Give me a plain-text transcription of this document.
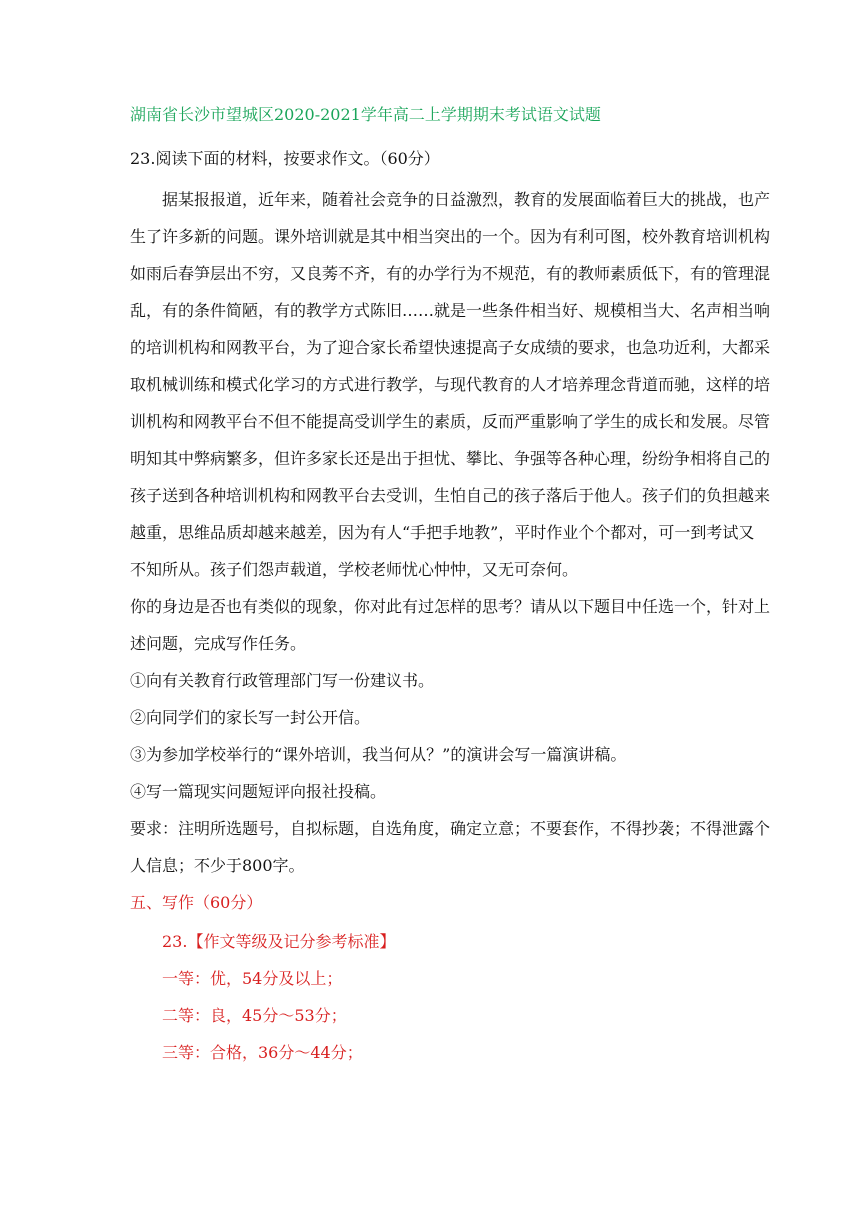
湖南省长沙市望城区2020-2021学年高二上学期期末考试语文试题
23.阅读下面的材料，按要求作文。（60分）
据某报报道，近年来，随着社会竞争的日益激烈，教育的发展面临着巨大的挑战，也产
生了许多新的问题。课外培训就是其中相当突出的一个。因为有利可图，校外教育培训机构
如雨后春笋层出不穷，又良莠不齐，有的办学行为不规范，有的教师素质低下，有的管理混
乱，有的条件简陋，有的教学方式陈旧……就是一些条件相当好、规模相当大、名声相当响
的培训机构和网教平台，为了迎合家长希望快速提高子女成绩的要求，也急功近利，大都采
取机械训练和模式化学习的方式进行教学，与现代教育的人才培养理念背道而驰，这样的培
训机构和网教平台不但不能提高受训学生的素质，反而严重影响了学生的成长和发展。尽管
明知其中弊病繁多，但许多家长还是出于担忧、攀比、争强等各种心理，纷纷争相将自己的
孩子送到各种培训机构和网教平台去受训，生怕自己的孩子落后于他人。孩子们的负担越来
越重，思维品质却越来越差，因为有人“手把手地教”，平时作业个个都对，可一到考试又
不知所从。孩子们怨声载道，学校老师忧心忡忡，又无可奈何。
你的身边是否也有类似的现象，你对此有过怎样的思考？请从以下题目中任选一个，针对上
述问题，完成写作任务。
①向有关教育行政管理部门写一份建议书。
②向同学们的家长写一封公开信。
③为参加学校举行的“课外培训，我当何从？”的演讲会写一篇演讲稿。
④写一篇现实问题短评向报社投稿。
要求：注明所选题号，自拟标题，自选角度，确定立意；不要套作，不得抄袭；不得泄露个
人信息；不少于800字。
五、写作（60分）
23.【作文等级及记分参考标准】
一等：优，54分及以上；
二等：良，45分～53分；
三等：合格，36分～44分；
